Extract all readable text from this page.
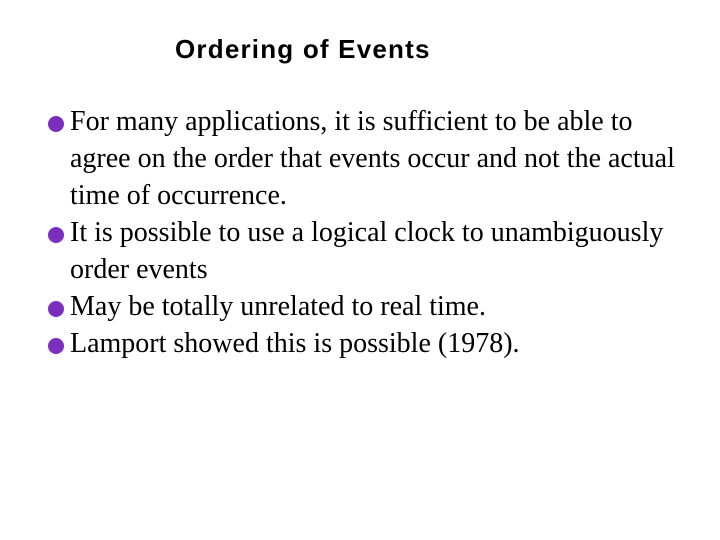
Ordering of Events
For many applications, it is sufficient to be able to agree on the order that events occur and not the actual time of occurrence.
It is possible to use a logical clock to unambiguously order events
May be totally unrelated to real time.
Lamport showed this is possible (1978).
